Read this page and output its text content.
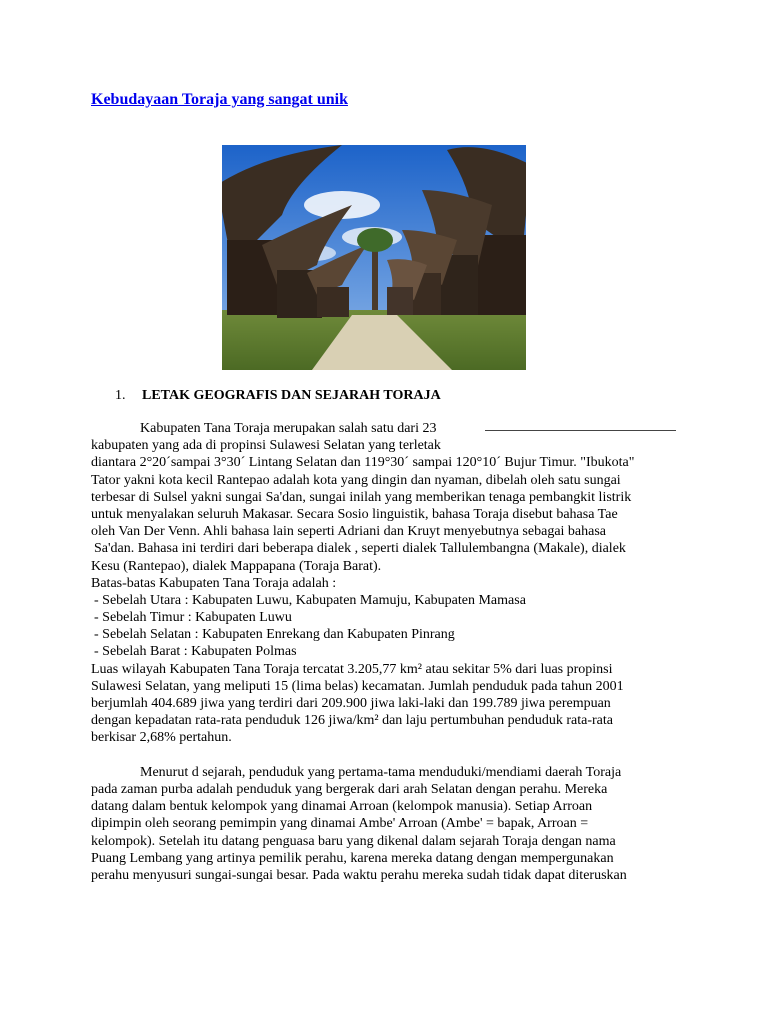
Kebudayaan Toraja yang sangat unik
1. LETAK GEOGRAFIS DAN SEJARAH TORAJA
Kabupaten Tana Toraja merupakan salah satu dari 23
kabupaten yang ada di propinsi Sulawesi Selatan yang terletak
diantara 2°20´sampai 3°30´ Lintang Selatan dan 119°30´ sampai 120°10´ Bujur Timur. "Ibukota"
Tator yakni kota kecil Rantepao adalah kota yang dingin dan nyaman, dibelah oleh satu sungai
terbesar di Sulsel yakni sungai Sa'dan, sungai inilah yang memberikan tenaga pembangkit listrik
untuk menyalakan seluruh Makasar. Secara Sosio linguistik, bahasa Toraja disebut bahasa Tae
oleh Van Der Venn. Ahli bahasa lain seperti Adriani dan Kruyt menyebutnya sebagai bahasa
Sa'dan. Bahasa ini terdiri dari beberapa dialek , seperti dialek Tallulembangna (Makale), dialek
Kesu (Rantepao), dialek Mappapana (Toraja Barat).
Batas-batas Kabupaten Tana Toraja adalah :
- Sebelah Utara : Kabupaten Luwu, Kabupaten Mamuju, Kabupaten Mamasa
- Sebelah Timur : Kabupaten Luwu
- Sebelah Selatan : Kabupaten Enrekang dan Kabupaten Pinrang
- Sebelah Barat : Kabupaten Polmas
Luas wilayah Kabupaten Tana Toraja tercatat 3.205,77 km² atau sekitar 5% dari luas propinsi
Sulawesi Selatan, yang meliputi 15 (lima belas) kecamatan. Jumlah penduduk pada tahun 2001
berjumlah 404.689 jiwa yang terdiri dari 209.900 jiwa laki-laki dan 199.789 jiwa perempuan
dengan kepadatan rata-rata penduduk 126 jiwa/km² dan laju pertumbuhan penduduk rata-rata
berkisar 2,68% pertahun.
Menurut d sejarah, penduduk yang pertama-tama menduduki/mendiami daerah Toraja
pada zaman purba adalah penduduk yang bergerak dari arah Selatan dengan perahu. Mereka
datang dalam bentuk kelompok yang dinamai Arroan (kelompok manusia). Setiap Arroan
dipimpin oleh seorang pemimpin yang dinamai Ambe' Arroan (Ambe' = bapak, Arroan =
kelompok). Setelah itu datang penguasa baru yang dikenal dalam sejarah Toraja dengan nama
Puang Lembang yang artinya pemilik perahu, karena mereka datang dengan mempergunakan
perahu menyusuri sungai-sungai besar. Pada waktu perahu mereka sudah tidak dapat diteruskan
